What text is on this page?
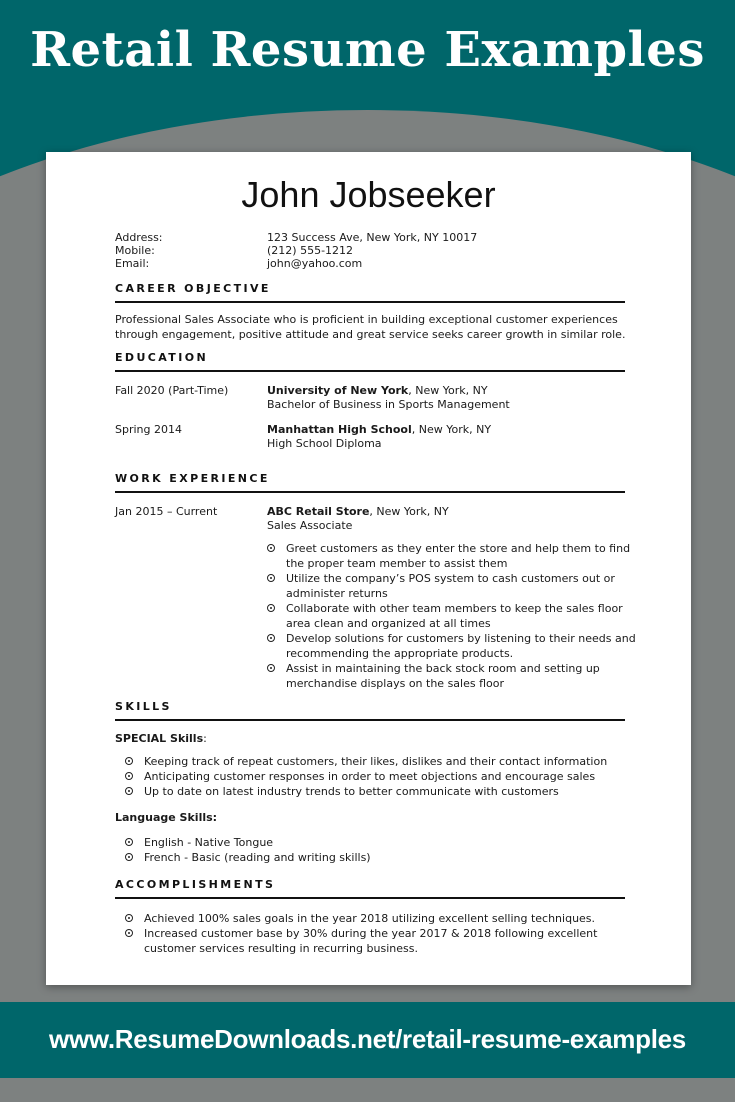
Retail Resume Examples
John Jobseeker
Address:	123 Success Ave, New York, NY 10017
Mobile:	(212) 555-1212
Email:	john@yahoo.com
CAREER OBJECTIVE
Professional Sales Associate who is proficient in building exceptional customer experiences
through engagement, positive attitude and great service seeks career growth in similar role.
EDUCATION
Fall 2020 (Part-Time)	University of New York, New York, NY
Bachelor of Business in Sports Management
Spring 2014	Manhattan High School, New York, NY
High School Diploma
WORK EXPERIENCE
Jan 2015 – Current	ABC Retail Store, New York, NY
Sales Associate
Greet customers as they enter the store and help them to find
the proper team member to assist them
Utilize the company’s POS system to cash customers out or
administer returns
Collaborate with other team members to keep the sales floor
area clean and organized at all times
Develop solutions for customers by listening to their needs and
recommending the appropriate products.
Assist in maintaining the back stock room and setting up
merchandise displays on the sales floor
SKILLS
SPECIAL Skills:
Keeping track of repeat customers, their likes, dislikes and their contact information
Anticipating customer responses in order to meet objections and encourage sales
Up to date on latest industry trends to better communicate with customers
Language Skills:
English - Native Tongue
French - Basic (reading and writing skills)
ACCOMPLISHMENTS
Achieved 100% sales goals in the year 2018 utilizing excellent selling techniques.
Increased customer base by 30% during the year 2017 & 2018 following excellent
customer services resulting in recurring business.
www.ResumeDownloads.net/retail-resume-examples
